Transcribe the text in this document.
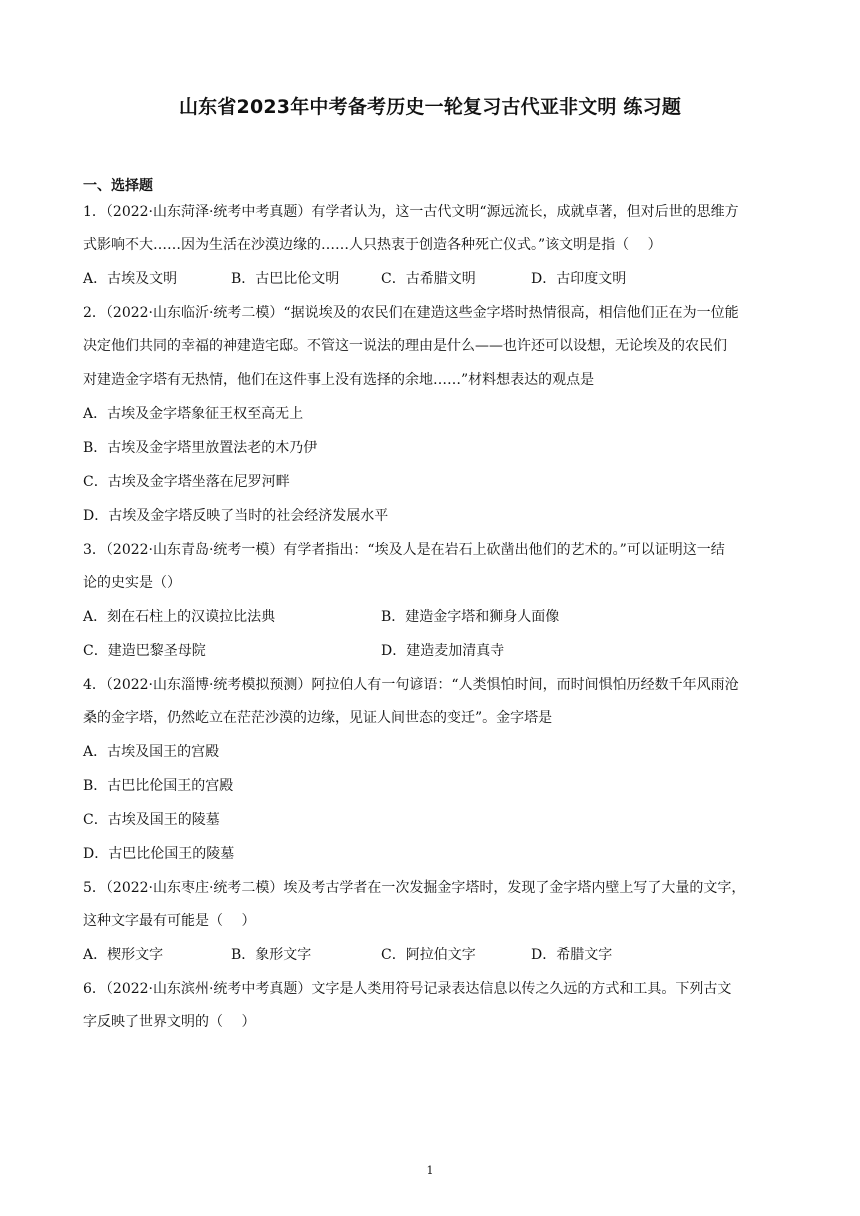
山东省2023年中考备考历史一轮复习古代亚非文明 练习题
一、选择题
1．（2022·山东菏泽·统考中考真题）有学者认为，这一古代文明“源远流长，成就卓著，但对后世的思维方
式影响不大……因为生活在沙漠边缘的……人只热衷于创造各种死亡仪式。”该文明是指（　 ）
A．古埃及文明	B．古巴比伦文明	C．古希腊文明	D．古印度文明
2．（2022·山东临沂·统考二模）“据说埃及的农民们在建造这些金字塔时热情很高，相信他们正在为一位能
决定他们共同的幸福的神建造宅邸。不管这一说法的理由是什么——也许还可以设想，无论埃及的农民们
对建造金字塔有无热情，他们在这件事上没有选择的余地……”材料想表达的观点是
A．古埃及金字塔象征王权至高无上
B．古埃及金字塔里放置法老的木乃伊
C．古埃及金字塔坐落在尼罗河畔
D．古埃及金字塔反映了当时的社会经济发展水平
3．（2022·山东青岛·统考一模）有学者指出：“埃及人是在岩石上砍凿出他们的艺术的。”可以证明这一结
论的史实是（）
A．刻在石柱上的汉谟拉比法典	B．建造金字塔和狮身人面像
C．建造巴黎圣母院	D．建造麦加清真寺
4．（2022·山东淄博·统考模拟预测）阿拉伯人有一句谚语：“人类惧怕时间，而时间惧怕历经数千年风雨沧
桑的金字塔，仍然屹立在茫茫沙漠的边缘，见证人间世态的变迁”。金字塔是
A．古埃及国王的宫殿
B．古巴比伦国王的宫殿
C．古埃及国王的陵墓
D．古巴比伦国王的陵墓
5．（2022·山东枣庄·统考二模）埃及考古学者在一次发掘金字塔时，发现了金字塔内壁上写了大量的文字，
这种文字最有可能是（　 ）
A．楔形文字	B．象形文字	C．阿拉伯文字	D．希腊文字
6．（2022·山东滨州·统考中考真题）文字是人类用符号记录表达信息以传之久远的方式和工具。下列古文
字反映了世界文明的（　 ）
1
